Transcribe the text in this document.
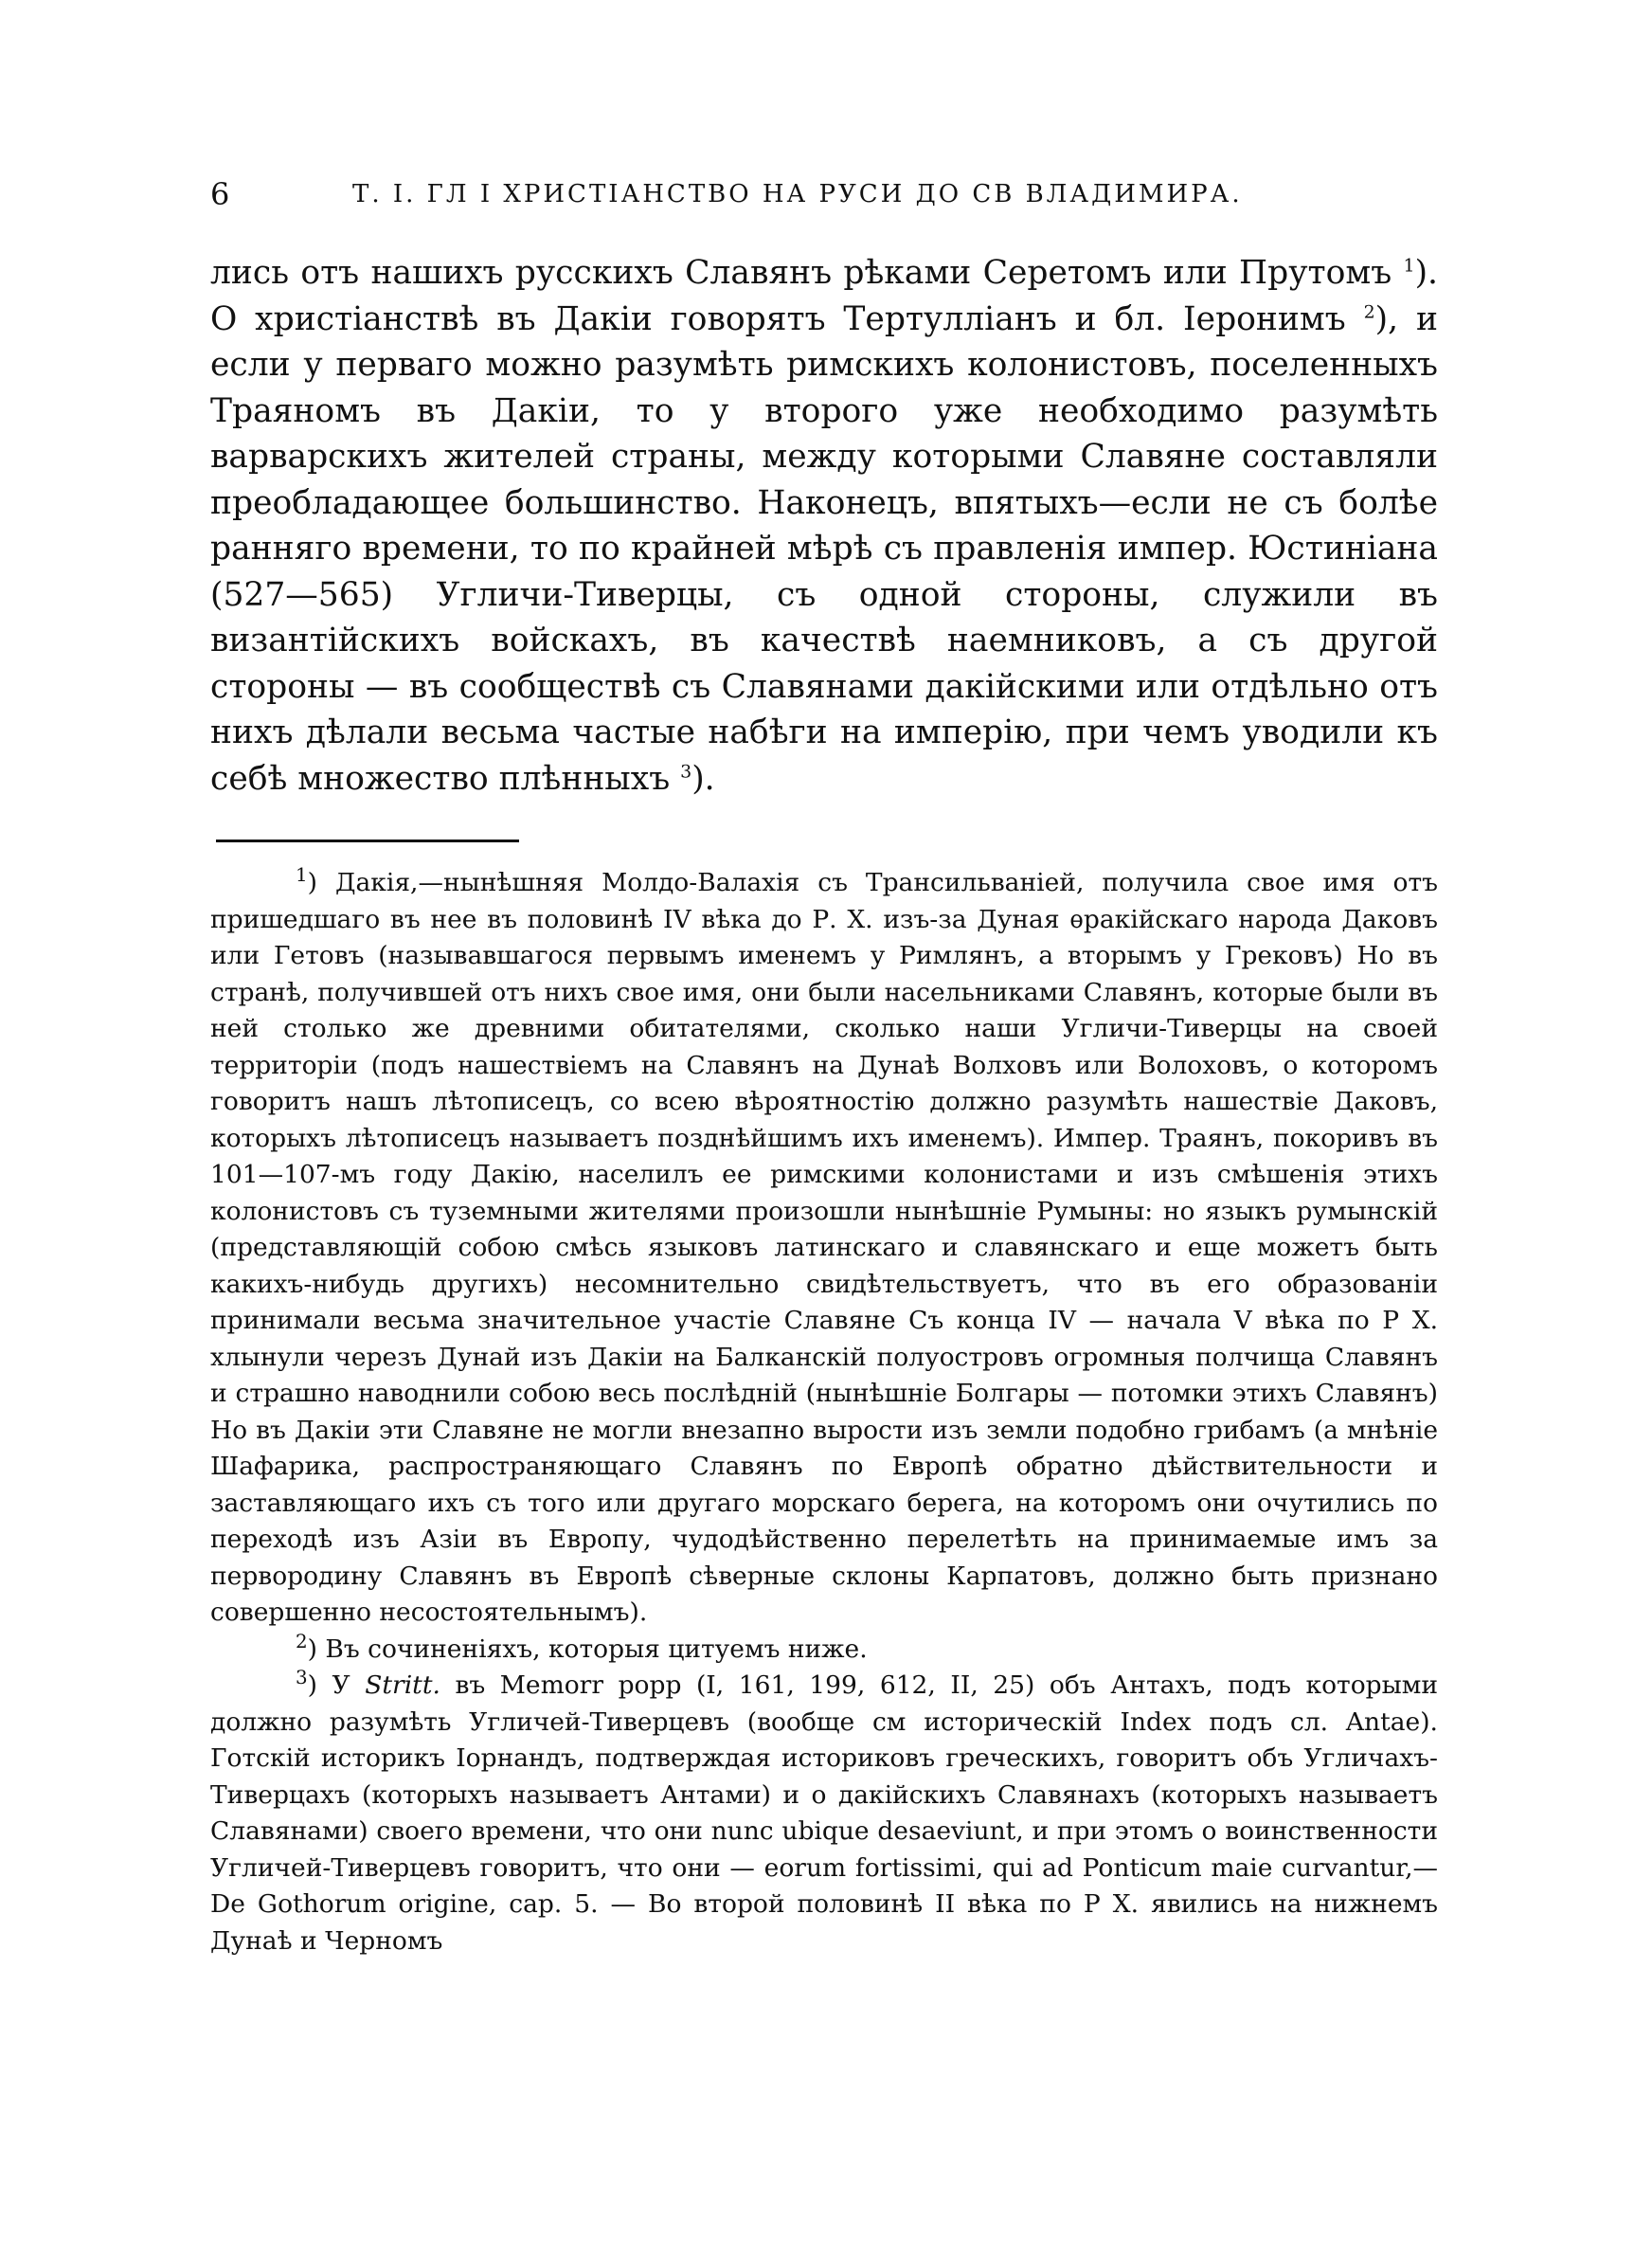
6	Т. I. ГЛ I ХРИСТІАНСТВО НА РУСИ ДО СВ ВЛАДИМИРА.

лись отъ нашихъ русскихъ Славянъ рѣками Серетомъ или Прутомъ $^1$). О христіанствѣ въ Дакіи говорятъ Тертулліанъ и бл. Іеронимъ $^2$), и если у перваго можно разумѣть римскихъ колонистовъ, поселенныхъ Траяномъ въ Дакіи, то у второго уже необходимо разумѣть варварскихъ жителей страны, между которыми Славяне составляли преобладающее большинство. Наконецъ, впятыхъ—если не съ болѣе ранняго времени, то по крайней мѣрѣ съ правленія импер. Юстиніана (527—565) Угличи-Тиверцы, съ одной стороны, служили въ византійскихъ войскахъ, въ качествѣ наемниковъ, а съ другой стороны — въ сообществѣ съ Славянами дакійскими или отдѣльно отъ нихъ дѣлали весьма частые набѣги на имперію, при чемъ уводили къ себѣ множество плѣнныхъ $^3$).

$^1$) Дакія,—нынѣшняя Молдо-Валахія съ Трансильваніей, получила свое имя отъ пришедшаго въ нее въ половинѣ IV вѣка до Р. Х. изъ-за Дуная ѳракійскаго народа Даковъ или Гетовъ (называвшагося первымъ именемъ у Римлянъ, а вторымъ у Грековъ) Но въ странѣ, получившей отъ нихъ свое имя, они были насельниками Славянъ, которые были въ ней столько же древними обитателями, сколько наши Угличи-Тиверцы на своей территоріи (подъ нашествіемъ на Славянъ на Дунаѣ Волховъ или Волоховъ, о которомъ говоритъ нашъ лѣтописецъ, со всею вѣроятностію должно разумѣть нашествіе Даковъ, которыхъ лѣтописецъ называетъ позднѣйшимъ ихъ именемъ). Импер. Траянъ, покоривъ въ 101—107-мъ году Дакію, населилъ ее римскими колонистами и изъ смѣшенія этихъ колонистовъ съ туземными жителями произошли нынѣшніе Румыны: но языкъ румынскій (представляющій собою смѣсь языковъ латинскаго и славянскаго и еще можетъ быть какихъ-нибудь другихъ) несомнительно свидѣтельствуетъ, что въ его образованіи принимали весьма значительное участіе Славяне Съ конца IV — начала V вѣка по Р Х. хлынули черезъ Дунай изъ Дакіи на Балканскій полуостровъ огромныя полчища Славянъ и страшно наводнили собою весь послѣдній (нынѣшніе Болгары — потомки этихъ Славянъ) Но въ Дакіи эти Славяне не могли внезапно вырости изъ земли подобно грибамъ (а мнѣніе Шафарика, распространяющаго Славянъ по Европѣ обратно дѣйствительности и заставляющаго ихъ съ того или другаго морскаго берега, на которомъ они очутились по переходѣ изъ Азіи въ Европу, чудодѣйственно перелетѣть на принимаемые имъ за первородину Славянъ въ Европѣ сѣверные склоны Карпатовъ, должно быть признано совершенно несостоятельнымъ).

$^2$) Въ сочиненіяхъ, которыя цитуемъ ниже.

$^3$) У Stritt. въ Memorr popp (I, 161, 199, 612, II, 25) объ Антахъ, подъ которыми должно разумѣть Угличей-Тиверцевъ (вообще см историческій Index подъ сл. Antae). Готскій историкъ Іорнандъ, подтверждая историковъ греческихъ, говоритъ объ Угличахъ-Тиверцахъ (которыхъ называетъ Антами) и о дакійскихъ Славянахъ (которыхъ называетъ Славянами) своего времени, что они nunc ubique desaeviunt, и при этомъ о воинственности Угличей-Тиверцевъ говоритъ, что они — eorum fortissimi, qui ad Ponticum maie curvantur,—De Gothorum origine, cap. 5. — Во второй половинѣ II вѣка по Р Х. явились на нижнемъ Дунаѣ и Черномъ
